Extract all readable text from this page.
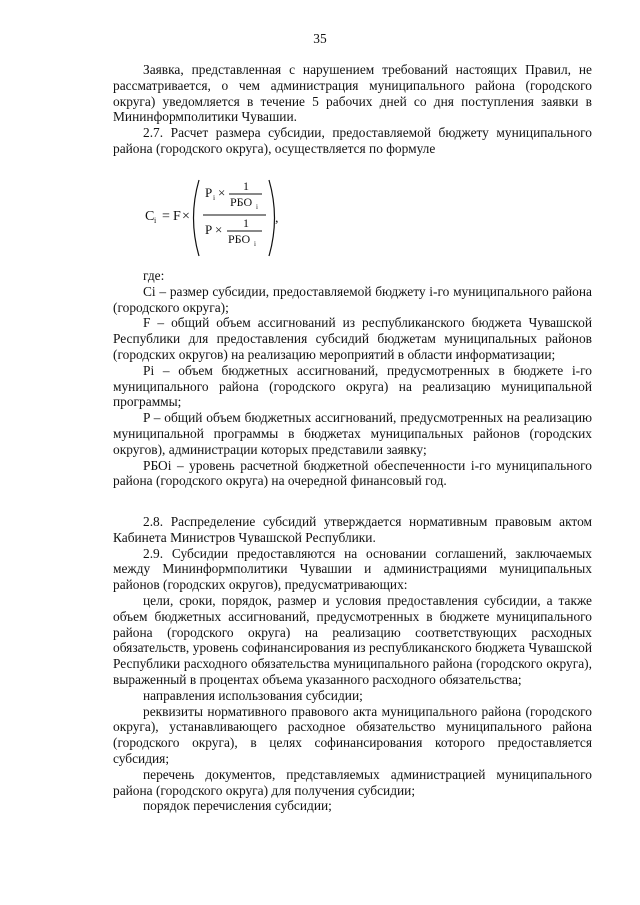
35

Заявка, представленная с нарушением требований настоящих Правил, не рассматривается, о чем администрация муниципального района (городского округа) уведомляется в течение 5 рабочих дней со дня поступления заявки в Мининформполитики Чувашии.

2.7. Расчет размера субсидии, предоставляемой бюджету муниципального района (городского округа), осуществляется по формуле

C i = F ×
P i × 1
РБО i
P × 1
РБО i
,

где:

Ci – размер субсидии, предоставляемой бюджету i-го муниципального района (городского округа);

F – общий объем ассигнований из республиканского бюджета Чувашской Республики для предоставления субсидий бюджетам муниципальных районов (городских округов) на реализацию мероприятий в области информатизации;

Pi – объем бюджетных ассигнований, предусмотренных в бюджете i-го муниципального района (городского округа) на реализацию муниципальной программы;

P – общий объем бюджетных ассигнований, предусмотренных на реализацию муниципальной программы в бюджетах муниципальных районов (городских округов), администрации которых представили заявку;

РБОi – уровень расчетной бюджетной обеспеченности i-го муниципального района (городского округа) на очередной финансовый год.

2.8. Распределение субсидий утверждается нормативным правовым актом Кабинета Министров Чувашской Республики.

2.9. Субсидии предоставляются на основании соглашений, заключаемых между Мининформполитики Чувашии и администрациями муниципальных районов (городских округов), предусматривающих:

цели, сроки, порядок, размер и условия предоставления субсидии, а также объем бюджетных ассигнований, предусмотренных в бюджете муниципального района (городского округа) на реализацию соответствующих расходных обязательств, уровень софинансирования из республиканского бюджета Чувашской Республики расходного обязательства муниципального района (городского округа), выраженный в процентах объема указанного расходного обязательства;

направления использования субсидии;

реквизиты нормативного правового акта муниципального района (городского округа), устанавливающего расходное обязательство муниципального района (городского округа), в целях софинансирования которого предоставляется субсидия;

перечень документов, представляемых администрацией муниципального района (городского округа) для получения субсидии;

порядок перечисления субсидии;
